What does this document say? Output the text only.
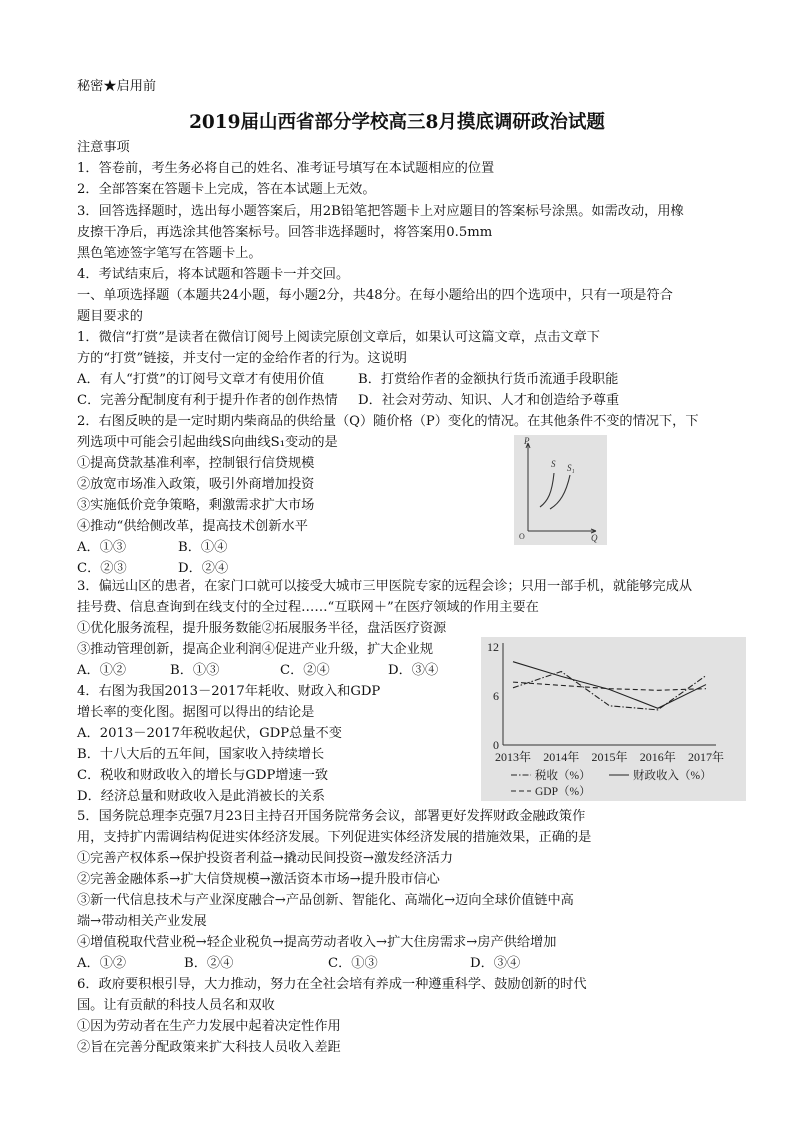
秘密★启用前
2019届山西省部分学校高三8月摸底调研政治试题
注意事项
1．答卷前，考生务必将自己的姓名、准考证号填写在本试题相应的位置
2．全部答案在答题卡上完成，答在本试题上无效。
3．回答选择题时，选出每小题答案后，用2B铅笔把答题卡上对应题目的答案标号涂黑。如需改动，用橡
皮擦干净后，再选涂其他答案标号。回答非选择题时，将答案用0.5mm
黑色笔迹签字笔写在答题卡上。
4．考试结束后，将本试题和答题卡一并交回。
一、单项选择题（本题共24小题，每小题2分，共48分。在每小题给出的四个选项中，只有一项是符合
题目要求的
1．微信“打赏”是读者在微信订阅号上阅读完原创文章后，如果认可这篇文章，点击文章下
方的“打赏”链接，并支付一定的金给作者的行为。这说明
A．有人“打赏”的订阅号文章才有使用价值	B．打赏给作者的金额执行货币流通手段职能
C．完善分配制度有利于提升作者的创作热情 D．社会对劳动、知识、人才和创造给予尊重
2．右图反映的是一定时期内柴商品的供给量（Q）随价格（P）变化的情况。在其他条件不变的情况下，下
列选项中可能会引起曲线S向曲线S₁变动的是
①提高贷款基准利率，控制银行信贷规模
②放宽市场准入政策，吸引外商增加投资
③实施低价竞争策略，剩激需求扩大市场
④推动“供给侧改革，提高技术创新水平
A．①③	B．①④
C．②③	D．②④
P
Q
O
S S₁
3．偏远山区的患者，在家门口就可以接受大城市三甲医院专家的远程会诊；只用一部手机，就能够完成从
挂号费、信息查询到在线支付的全过程……“互联网＋”在医疗领域的作用主要在
①优化服务流程，提升服务数能②拓展服务半径，盘活医疗资源
③推动管理创新，提高企业利润④促进产业升级，扩大企业规
A．①②	B．①③	C．②④	D．③④
4．右图为我国2013－2017年耗收、财政入和GDP
增长率的变化图。据图可以得出的结论是
A．2013－2017年税收起伏，GDP总量不变
B．十八大后的五年间，国家收入持续增长
C．税收和财政收入的增长与GDP增速一致
D．经济总量和财政收入是此消被长的关系
0
6
12
2013年 2014年 2015年 2016年 2017年
税收（%）	财政收入（%）
GDP（%）
5．国务院总理李克强7月23日主持召开国务院常务会议，部署更好发挥财政金融政策作
用，支持扩内需调结构促进实体经济发展。下列促进实体经济发展的措施效果，正确的是
①完善产权体系→保护投资者利益→撬动民间投资→激发经济活力
②完善金融体系→扩大信贷规模→激活资本市场→提升股市信心
③新一代信息技术与产业深度融合→产品创新、智能化、高端化→迈向全球价值链中高
端→带动相关产业发展
④增值税取代营业税→轻企业税负→提高劳动者收入→扩大住房需求→房产供给增加
A．①②	B．②④	C．①③	D．③④
6．政府要积根引导，大力推动，努力在全社会培有养成一种遵重科学、鼓励创新的时代
国。让有贡献的科技人员名和双收
①因为劳动者在生产力发展中起着决定性作用
②旨在完善分配政策来扩大科技人员收入差距
